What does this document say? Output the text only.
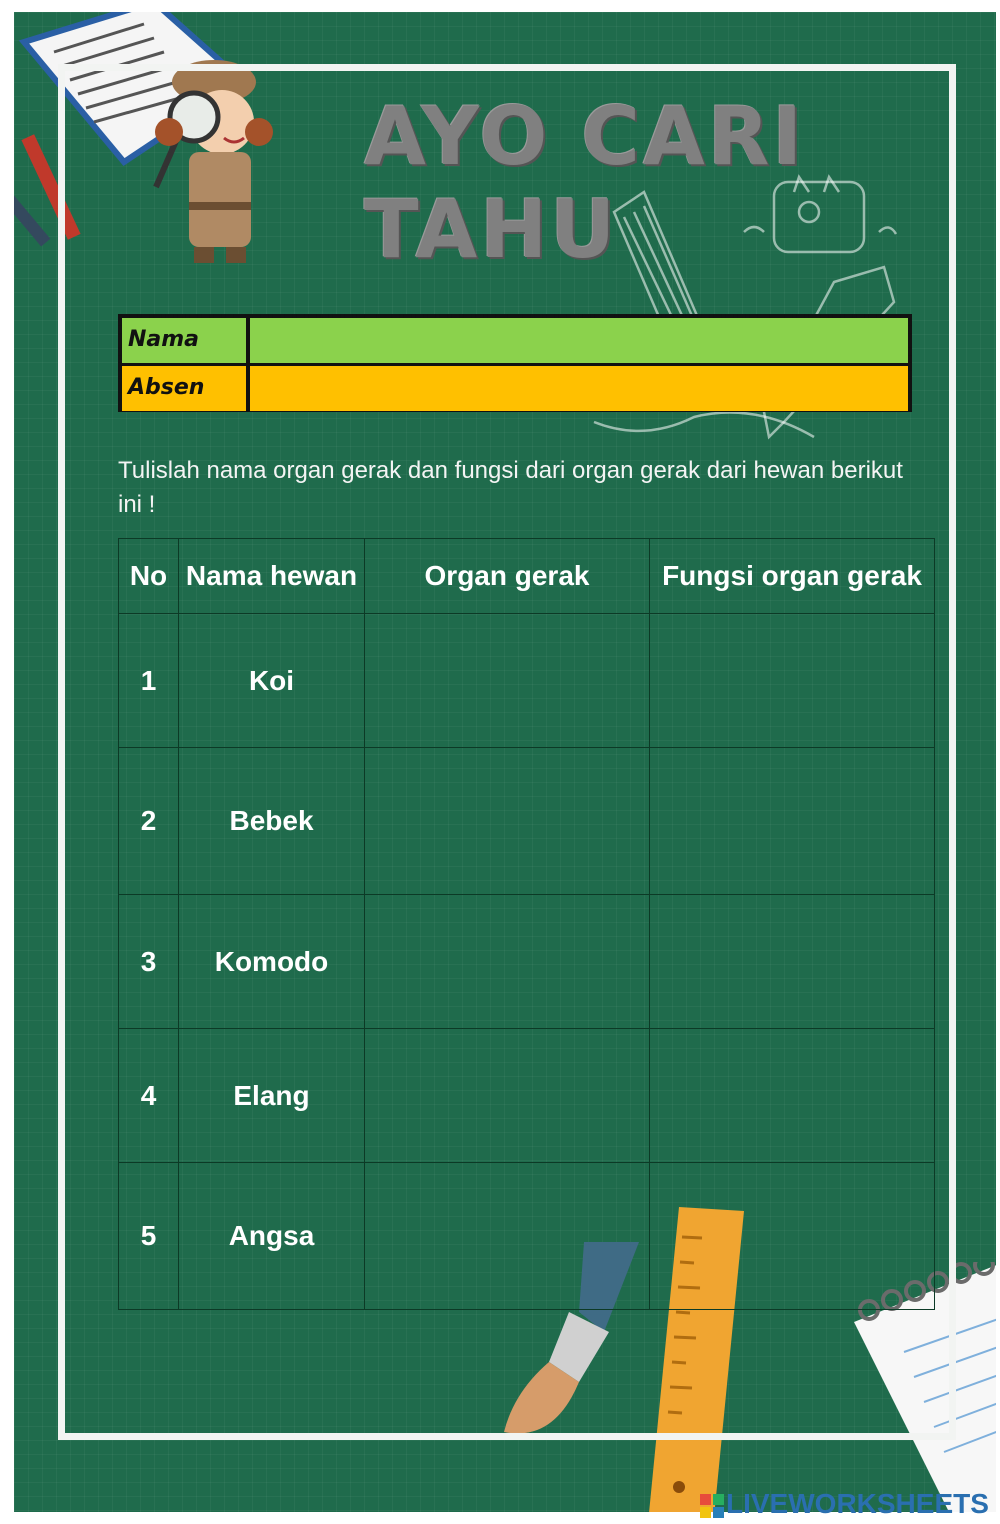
AYO CARI TAHU
Nama
Absen
Tulislah nama organ gerak dan fungsi dari organ gerak dari hewan berikut ini !
No	Nama hewan	Organ gerak	Fungsi organ gerak
1	Koi		
2	Bebek		
3	Komodo		
4	Elang		
5	Angsa		
LIVEWORKSHEETS
